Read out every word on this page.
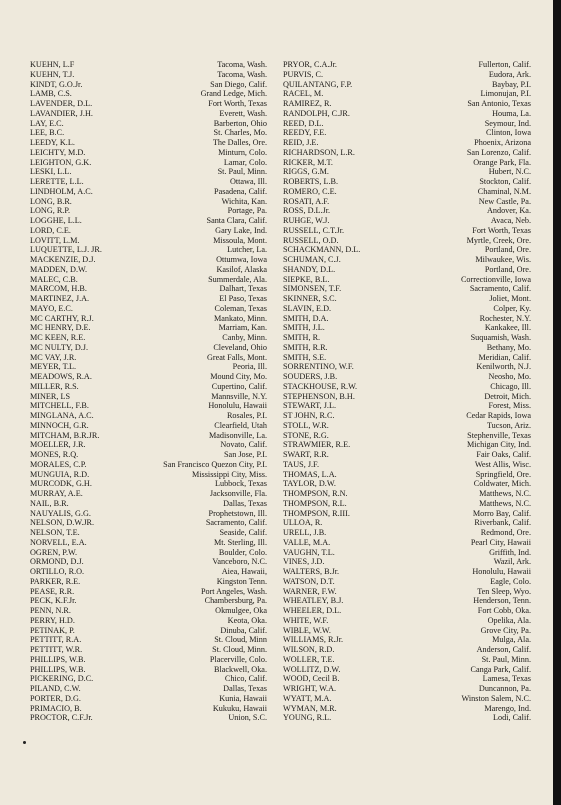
KUEHN, L.F	Tacoma, Wash.
KUEHN, T.J.	Tacoma, Wash.
KINDT, G.O.Jr.	San Diego, Calif.
LAMB, C.S.	Grand Ledge, Mich.
LAVENDER, D.L.	Fort Worth, Texas
LAVANDIER, J.H.	Everett, Wash.
LAY, E.C.	Barberton, Ohio
LEE, B.C.	St. Charles, Mo.
LEEDY, K.L.	The Dalles, Ore.
LEICHTY, M.D.	Minturn, Colo.
LEIGHTON, G.K.	Lamar, Colo.
LESKI, L.L.	St. Paul, Minn.
LERETTE, L.L.	Ottawa, Ill.
LINDHOLM, A.C.	Pasadena, Calif.
LONG, B.R.	Wichita, Kan.
LONG, R.P.	Portage, Pa.
LOGGHE, L.L.	Santa Clara, Calif.
LORD, C.E.	Gary Lake, Ind.
LOVITT, L.M.	Missoula, Mont.
LUQUETTE, L.J. JR.	Lutcher, La.
MACKENZIE, D.J.	Ottumwa, Iowa
MADDEN, D.W.	Kasilof, Alaska
MALEC, C.B.	Summerdale, Ala.
MARCOM, H.B.	Dalhart, Texas
MARTINEZ, J.A.	El Paso, Texas
MAYO, E.C.	Coleman, Texas
MC CARTHY, R.J.	Mankato, Minn.
MC HENRY, D.E.	Marriam, Kan.
MC KEEN, R.E.	Canby, Minn.
MC NULTY, D.J.	Cleveland, Ohio
MC VAY, J.R.	Great Falls, Mont.
MEYER, T.L.	Peoria, Ill.
MEADOWS, R.A.	Mound City, Mo.
MILLER, R.S.	Cupertino, Calif.
MINER, LS	Mannsville, N.Y.
MITCHELL, F.B.	Honolulu, Hawaii
MINGLANA, A.C.	Rosales, P.I.
MINNOCH, G.R.	Clearfield, Utah
MITCHAM, B.R.JR.	Madisonville, La.
MOELLER, J.R.	Novato, Calif.
MONES, R.Q.	San Jose, P.I.
MORALES, C.P.	San Francisco Quezon City, P.I.
MUNGUIA, R.D.	Mississippi City, Miss.
MURCODK, G.H.	Lubbock, Texas
MURRAY, A.E.	Jacksonville, Fla.
NAIL, B.R.	Dallas, Texas
NAUYALIS, G.G.	Prophetstown, Ill.
NELSON, D.W.JR.	Sacramento, Calif.
NELSON, T.E.	Seaside, Calif.
NORVELL, E.A.	Mt. Sterling, Ill.
OGREN, P.W.	Boulder, Colo.
ORMOND, D.J.	Vanceboro, N.C.
ORTILLO, R.O.	Aiea, Hawaii,
PARKER, R.E.	Kingston Tenn.
PEASE, R.R.	Port Angeles, Wash.
PECK, K.F.Jr.	Chambersburg, Pa.
PENN, N.R.	Okmulgee, Oka
PERRY, H.D.	Keota, Oka.
PETINAK, P.	Dinuba, Calif.
PETTITT, R.A.	St. Cloud, Minn
PETTITT, W.R.	St. Cloud, Minn.
PHILLIPS, W.B.	Placerville, Colo.
PHILLIPS, W.B.	Blackwell, Oka.
PICKERING, D.C.	Chico, Calif.
PILAND, C.W.	Dallas, Texas
PORTER, D.G.	Kunia, Hawaii
PRIMACIO, B.	Kukuku, Hawaii
PROCTOR, C.F.Jr.	Union, S.C.
PRYOR, C.A.Jr.	Fullerton, Calif.
PURVIS, C.	Eudora, Ark.
QUILANTANG, F.P.	Baybay, P.I.
RACEL, M.	Limonujan, P.I.
RAMIREZ, R.	San Antonio, Texas
RANDOLPH, C.JR.	Houma, La.
REED, D.L.	Seymour, Ind.
REEDY, F.E.	Clinton, Iowa
REID, J.E.	Phoenix, Arizona
RICHARDSON, L.R.	San Lorenzo, Calif.
RICKER, M.T.	Orange Park, Fla.
RIGGS, G.M.	Hubert, N.C.
ROBERTS, L.B.	Stockton, Calif.
ROMERO, C.E.	Chaminal, N.M.
ROSATI, A.F.	New Castle, Pa.
ROSS, D.L.Jr.	Andover, Ka.
RUHGE, W.J.	Avaca, Neb.
RUSSELL, C.T.Jr.	Fort Worth, Texas
RUSSELL, O.D.	Myrtle, Creek, Ore.
SCHACKMANN, D.L.	Portland, Ore.
SCHUMAN, C.J.	Milwaukee, Wis.
SHANDY, D.L.	Portland, Ore.
SIEPKE, B.L.	Correctionville, Iowa
SIMONSEN, T.F.	Sacramento, Calif.
SKINNER, S.C.	Joliet, Mont.
SLAVIN, E.D.	Colper, Ky.
SMITH, D.A.	Rochester, N.Y.
SMITH, J.L.	Kankakee, Ill.
SMITH, R.	Suquamish, Wash.
SMITH, R.R.	Bethany, Mo.
SMITH, S.E.	Meridian, Calif.
SORRENTINO, W.F.	Kenilworth, N.J.
SOUDERS, J.B.	Neosho, Mo.
STACKHOUSE, R.W.	Chicago, Ill.
STEPHENSON, B.H.	Detroit, Mich.
STEWART, J.L.	Forest, Miss.
ST JOHN, R.C.	Cedar Rapids, Iowa
STOLL, W.R.	Tucson, Ariz.
STONE, R.G.	Stephenville, Texas
STRAWMIER, R.E.	Michigan City, Ind.
SWART, R.R.	Fair Oaks, Calif.
TAUS, J.F.	West Allis, Wisc.
THOMAS, L.A.	Springfield, Ore.
TAYLOR, D.W.	Coldwater, Mich.
THOMPSON, R.N.	Matthews, N.C.
THOMPSON, R.L.	Matthews, N.C.
THOMPSON, R.III.	Morro Bay, Calif.
ULLOA, R.	Riverbank, Calif.
URELL, J.B.	Redmond, Ore.
VALLE, M.A.	Pearl City, Hawaii
VAUGHN, T.L.	Griffith, Ind.
VINES, J.D.	Wazil, Ark.
WALTERS, B.Jr.	Honolulu, Hawaii
WATSON, D.T.	Eagle, Colo.
WARNER, F.W.	Ten Sleep, Wyo.
WHEATLEY, B.J.	Henderson, Tenn.
WHEELER, D.L.	Fort Cobb, Oka.
WHITE, W.F.	Opelika, Ala.
WIBLE, W.W.	Grove City, Pa.
WILLIAMS, R.Jr.	Mulga, Ala.
WILSON, R.D.	Anderson, Calif.
WOLLER, T.E.	St. Paul, Minn.
WOLLITZ, D.W.	Canga Park, Calif.
WOOD, Cecil B.	Lamesa, Texas
WRIGHT, W.A.	Duncannon, Pa.
WYATT, M.A.	Winston Salem, N.C.
WYMAN, M.R.	Marengo, Ind.
YOUNG, R.L.	Lodi, Calif.
